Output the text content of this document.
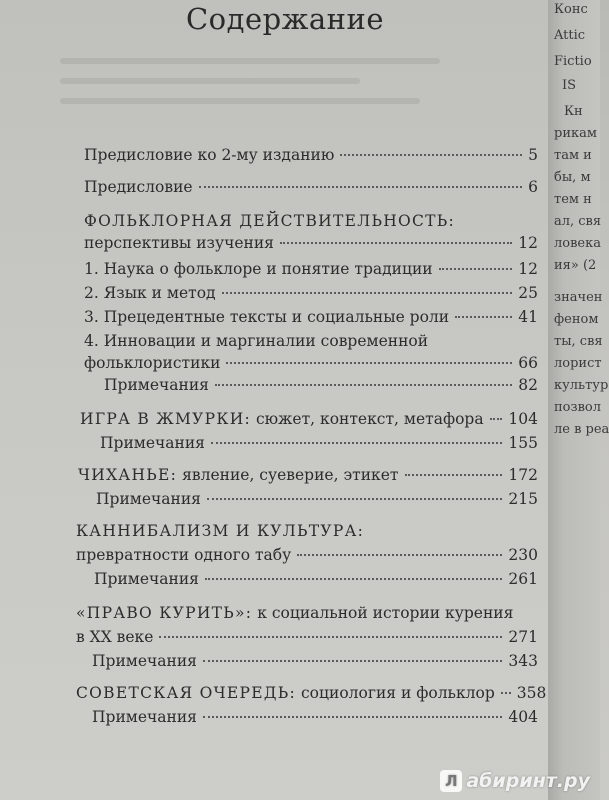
Конс
Attic
Fictio
IS
Кн
рикам
там и
бы, м
тем н
ал, свя
ловека
ия» (2
значен
феном
ты, свя
лорист
культур
позвол
ле в реа
Содержание
Предисловие ко 2-му изданию	5
Предисловие	6
ФОЛЬКЛОРНАЯ ДЕЙСТВИТЕЛЬНОСТЬ:
перспективы изучения	12
1. Наука о фольклоре и понятие традиции	12
2. Язык и метод	25
3. Прецедентные тексты и социальные роли	41
4. Инновации и маргиналии современной
фольклористики	66
Примечания	82
ИГРА В ЖМУРКИ: сюжет, контекст, метафора 104
Примечания	155
ЧИХАНЬЕ: явление, суеверие, этикет	172
Примечания	215
КАННИБАЛИЗМ И КУЛЬТУРА:
превратности одного табу	230
Примечания	261
«ПРАВО КУРИТЬ»: к социальной истории курения
в XX веке	271
Примечания	343
СОВЕТСКАЯ ОЧЕРЕДЬ: социология и фольклор 358
Примечания	404
Л абиринт.ру
